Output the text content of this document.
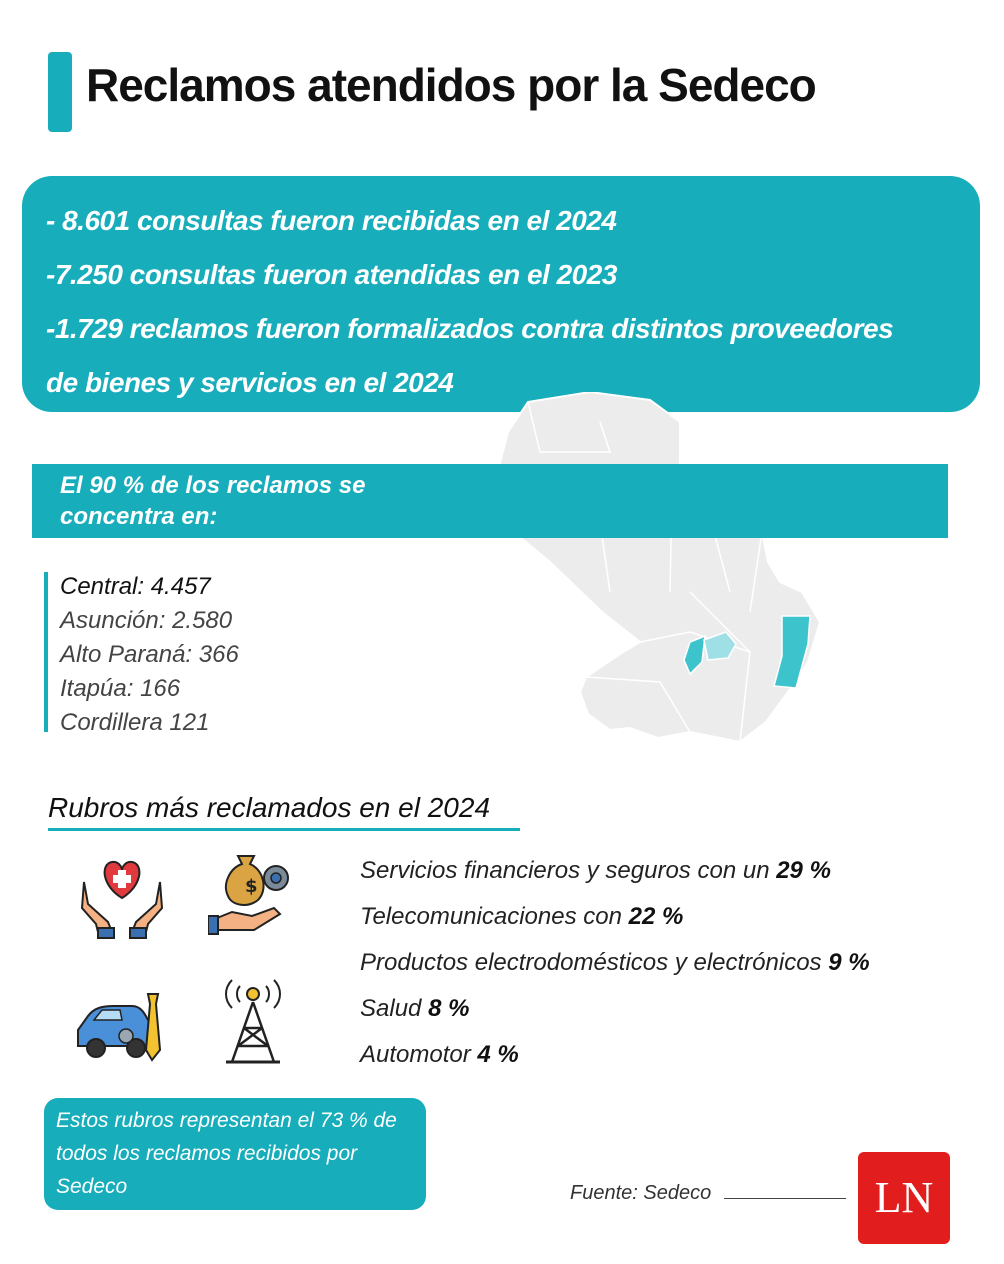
Reclamos atendidos por la Sedeco

- 8.601 consultas fueron recibidas en el 2024

-7.250 consultas fueron atendidas en el 2023

-1.729 reclamos fueron formalizados contra distintos proveedores

de bienes y servicios en el 2024

El 90 % de los reclamos se
concentra en:
Central: 4.457
Asunción: 2.580
Alto Paraná: 366
Itapúa: 166
Cordillera 121
Rubros más reclamados en el 2024
$
Servicios financieros y seguros con un 29 %
Telecomunicaciones con 22 %
Productos electrodomésticos y electrónicos 9 %
Salud 8 %
Automotor 4 %

Estos rubros representan el 73 % de

todos los reclamos recibidos por

Sedeco	Fuente: Sedeco	LN
